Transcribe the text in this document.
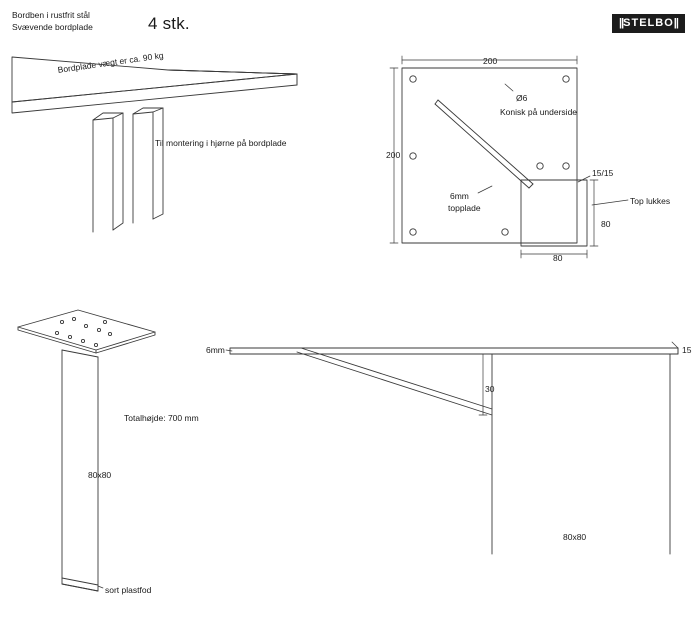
Bordben i rustfrit stål
Svævende bordplade	4 stk.	||STELBO||
Bordplade vægt er ca. 90 kg
Til montering i hjørne på bordplade
200
200
Ø6
Konisk på underside
6mm
topplade
15/15
Top lukkes
80
80
Totalhøjde: 700 mm
80x80
sort plastfod
6mm	15
30
80x80
